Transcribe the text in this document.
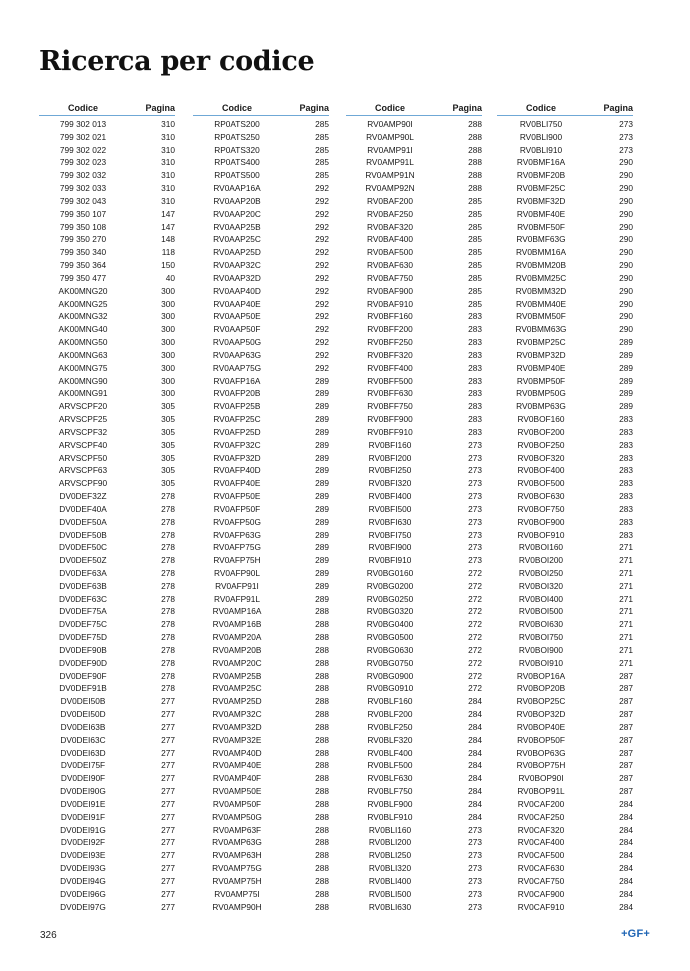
Ricerca per codice
Codice	Pagina
799 302 013	310
799 302 021	310
799 302 022	310
799 302 023	310
799 302 032	310
799 302 033	310
799 302 043	310
799 350 107	147
799 350 108	147
799 350 270	148
799 350 340	118
799 350 364	150
799 350 477	40
AK00MNG20	300
AK00MNG25	300
AK00MNG32	300
AK00MNG40	300
AK00MNG50	300
AK00MNG63	300
AK00MNG75	300
AK00MNG90	300
AK00MNG91	300
ARVSCPF20	305
ARVSCPF25	305
ARVSCPF32	305
ARVSCPF40	305
ARVSCPF50	305
ARVSCPF63	305
ARVSCPF90	305
DV0DEF32Z	278
DV0DEF40A	278
DV0DEF50A	278
DV0DEF50B	278
DV0DEF50C	278
DV0DEF50Z	278
DV0DEF63A	278
DV0DEF63B	278
DV0DEF63C	278
DV0DEF75A	278
DV0DEF75C	278
DV0DEF75D	278
DV0DEF90B	278
DV0DEF90D	278
DV0DEF90F	278
DV0DEF91B	278
DV0DEI50B	277
DV0DEI50D	277
DV0DEI63B	277
DV0DEI63C	277
DV0DEI63D	277
DV0DEI75F	277
DV0DEI90F	277
DV0DEI90G	277
DV0DEI91E	277
DV0DEI91F	277
DV0DEI91G	277
DV0DEI92F	277
DV0DEI93E	277
DV0DEI93G	277
DV0DEI94G	277
DV0DEI96G	277
DV0DEI97G	277
Codice	Pagina
RP0ATS200	285
RP0ATS250	285
RP0ATS320	285
RP0ATS400	285
RP0ATS500	285
RV0AAP16A	292
RV0AAP20B	292
RV0AAP20C	292
RV0AAP25B	292
RV0AAP25C	292
RV0AAP25D	292
RV0AAP32C	292
RV0AAP32D	292
RV0AAP40D	292
RV0AAP40E	292
RV0AAP50E	292
RV0AAP50F	292
RV0AAP50G	292
RV0AAP63G	292
RV0AAP75G	292
RV0AFP16A	289
RV0AFP20B	289
RV0AFP25B	289
RV0AFP25C	289
RV0AFP25D	289
RV0AFP32C	289
RV0AFP32D	289
RV0AFP40D	289
RV0AFP40E	289
RV0AFP50E	289
RV0AFP50F	289
RV0AFP50G	289
RV0AFP63G	289
RV0AFP75G	289
RV0AFP75H	289
RV0AFP90L	289
RV0AFP91I	289
RV0AFP91L	289
RV0AMP16A	288
RV0AMP16B	288
RV0AMP20A	288
RV0AMP20B	288
RV0AMP20C	288
RV0AMP25B	288
RV0AMP25C	288
RV0AMP25D	288
RV0AMP32C	288
RV0AMP32D	288
RV0AMP32E	288
RV0AMP40D	288
RV0AMP40E	288
RV0AMP40F	288
RV0AMP50E	288
RV0AMP50F	288
RV0AMP50G	288
RV0AMP63F	288
RV0AMP63G	288
RV0AMP63H	288
RV0AMP75G	288
RV0AMP75H	288
RV0AMP75I	288
RV0AMP90H	288
Codice	Pagina
RV0AMP90I	288
RV0AMP90L	288
RV0AMP91I	288
RV0AMP91L	288
RV0AMP91N	288
RV0AMP92N	288
RV0BAF200	285
RV0BAF250	285
RV0BAF320	285
RV0BAF400	285
RV0BAF500	285
RV0BAF630	285
RV0BAF750	285
RV0BAF900	285
RV0BAF910	285
RV0BFF160	283
RV0BFF200	283
RV0BFF250	283
RV0BFF320	283
RV0BFF400	283
RV0BFF500	283
RV0BFF630	283
RV0BFF750	283
RV0BFF900	283
RV0BFF910	283
RV0BFI160	273
RV0BFI200	273
RV0BFI250	273
RV0BFI320	273
RV0BFI400	273
RV0BFI500	273
RV0BFI630	273
RV0BFI750	273
RV0BFI900	273
RV0BFI910	273
RV0BG0160	272
RV0BG0200	272
RV0BG0250	272
RV0BG0320	272
RV0BG0400	272
RV0BG0500	272
RV0BG0630	272
RV0BG0750	272
RV0BG0900	272
RV0BG0910	272
RV0BLF160	284
RV0BLF200	284
RV0BLF250	284
RV0BLF320	284
RV0BLF400	284
RV0BLF500	284
RV0BLF630	284
RV0BLF750	284
RV0BLF900	284
RV0BLF910	284
RV0BLI160	273
RV0BLI200	273
RV0BLI250	273
RV0BLI320	273
RV0BLI400	273
RV0BLI500	273
RV0BLI630	273
Codice	Pagina
RV0BLI750	273
RV0BLI900	273
RV0BLI910	273
RV0BMF16A	290
RV0BMF20B	290
RV0BMF25C	290
RV0BMF32D	290
RV0BMF40E	290
RV0BMF50F	290
RV0BMF63G	290
RV0BMM16A	290
RV0BMM20B	290
RV0BMM25C	290
RV0BMM32D	290
RV0BMM40E	290
RV0BMM50F	290
RV0BMM63G	290
RV0BMP25C	289
RV0BMP32D	289
RV0BMP40E	289
RV0BMP50F	289
RV0BMP50G	289
RV0BMP63G	289
RV0BOF160	283
RV0BOF200	283
RV0BOF250	283
RV0BOF320	283
RV0BOF400	283
RV0BOF500	283
RV0BOF630	283
RV0BOF750	283
RV0BOF900	283
RV0BOF910	283
RV0BOI160	271
RV0BOI200	271
RV0BOI250	271
RV0BOI320	271
RV0BOI400	271
RV0BOI500	271
RV0BOI630	271
RV0BOI750	271
RV0BOI900	271
RV0BOI910	271
RV0BOP16A	287
RV0BOP20B	287
RV0BOP25C	287
RV0BOP32D	287
RV0BOP40E	287
RV0BOP50F	287
RV0BOP63G	287
RV0BOP75H	287
RV0BOP90I	287
RV0BOP91L	287
RV0CAF200	284
RV0CAF250	284
RV0CAF320	284
RV0CAF400	284
RV0CAF500	284
RV0CAF630	284
RV0CAF750	284
RV0CAF900	284
RV0CAF910	284
326	+GF+
